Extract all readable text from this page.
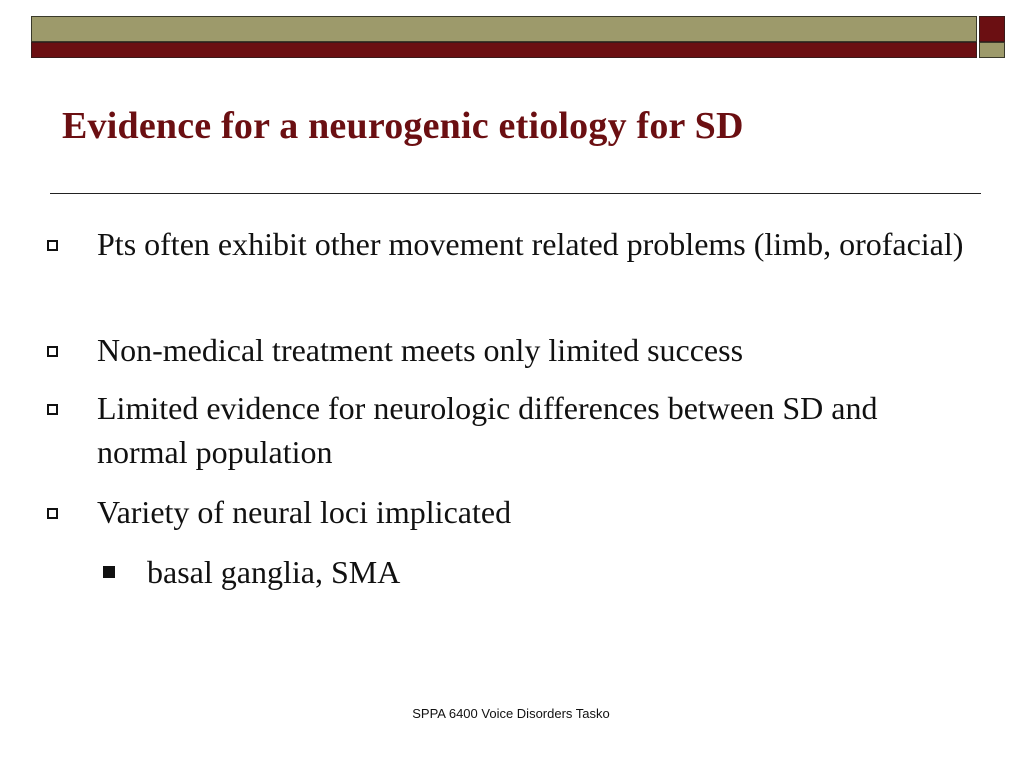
Evidence for a neurogenic etiology for SD
Pts often exhibit other movement related problems (limb, orofacial)
Non-medical treatment meets only limited success
Limited evidence for neurologic differences between SD and normal population
Variety of neural loci implicated
basal ganglia, SMA
SPPA 6400 Voice Disorders Tasko
